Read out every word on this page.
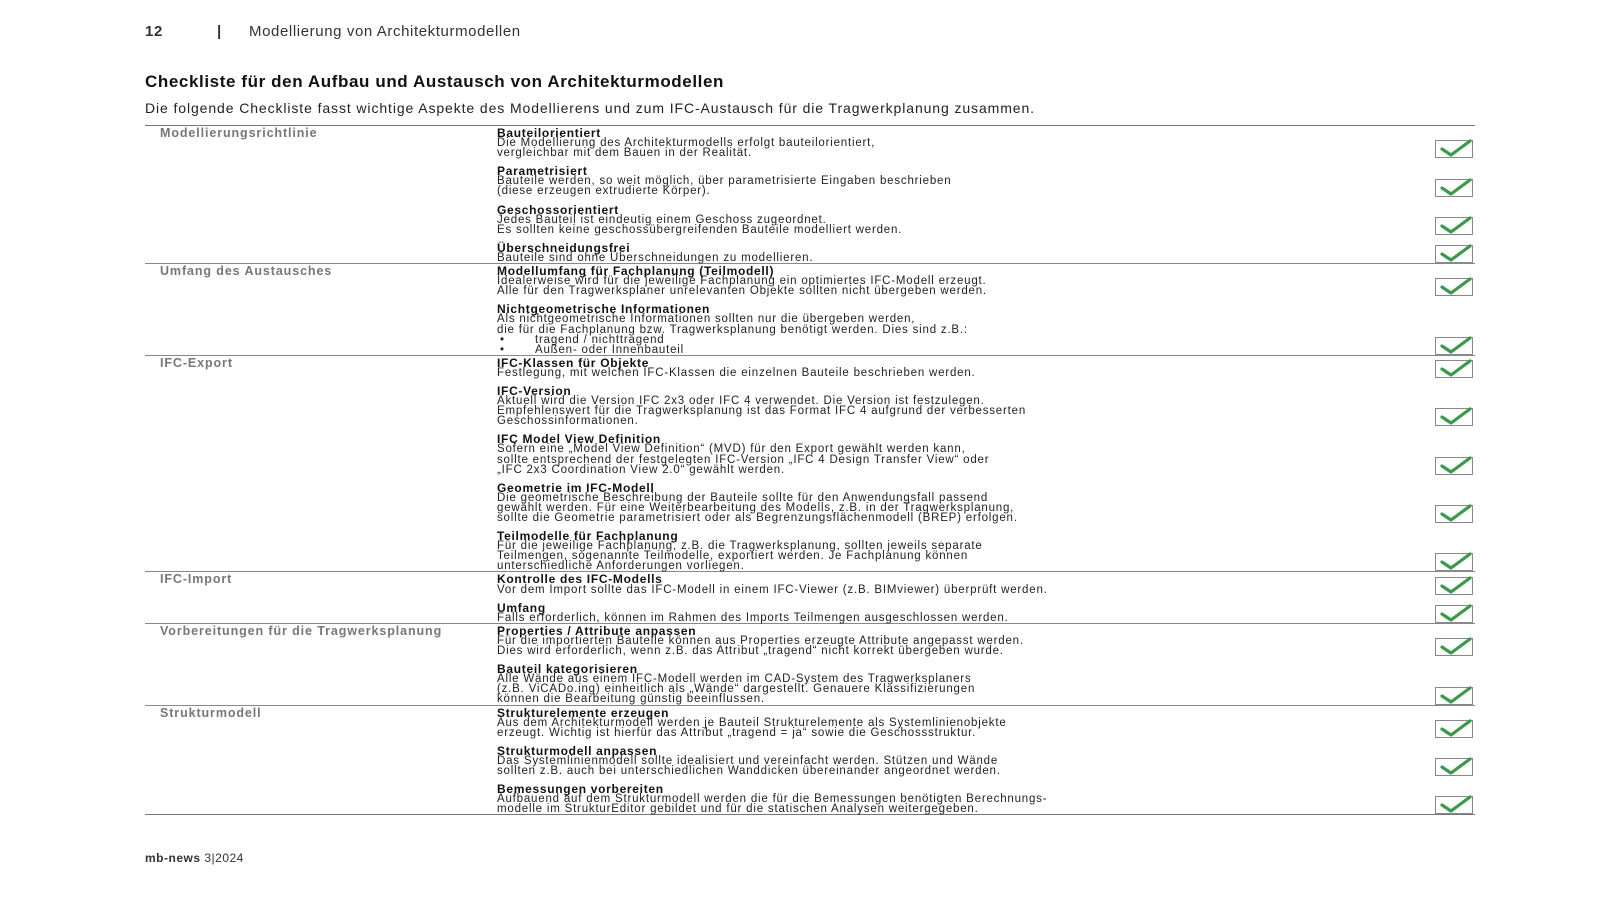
12	|	Modellierung von Architekturmodellen
Checkliste für den Aufbau und Austausch von Architekturmodellen

Die folgende Checkliste fasst wichtige Aspekte des Modellierens und zum IFC-Austausch für die Tragwerkplanung zusammen.

Modellierungsrichtlinie	Bauteilorientiert
Die Modellierung des Architekturmodells erfolgt bauteilorientiert,
vergleichbar mit dem Bauen in der Realität.
Parametrisiert
Bauteile werden, so weit möglich, über parametrisierte Eingaben beschrieben
(diese erzeugen extrudierte Körper).
Geschossorientiert
Jedes Bauteil ist eindeutig einem Geschoss zugeordnet.
Es sollten keine geschossübergreifenden Bauteile modelliert werden.
Überschneidungsfrei
Bauteile sind ohne Überschneidungen zu modellieren.
Umfang des Austausches	Modellumfang für Fachplanung (Teilmodell)
Idealerweise wird für die jeweilige Fachplanung ein optimiertes IFC-Modell erzeugt.
Alle für den Tragwerksplaner unrelevanten Objekte sollten nicht übergeben werden.
Nichtgeometrische Informationen
Als nichtgeometrische Informationen sollten nur die übergeben werden,
die für die Fachplanung bzw. Tragwerksplanung benötigt werden. Dies sind z.B.:
•	tragend / nichttragend
•	Außen- oder Innenbauteil
IFC-Export	IFC-Klassen für Objekte
Festlegung, mit welchen IFC-Klassen die einzelnen Bauteile beschrieben werden.
IFC-Version
Aktuell wird die Version IFC 2x3 oder IFC 4 verwendet. Die Version ist festzulegen.
Empfehlenswert für die Tragwerksplanung ist das Format IFC 4 aufgrund der verbesserten
Geschossinformationen.
IFC Model View Definition
Sofern eine „Model View Definition“ (MVD) für den Export gewählt werden kann,
sollte entsprechend der festgelegten IFC-Version „IFC 4 Design Transfer View“ oder
„IFC 2x3 Coordination View 2.0“ gewählt werden.
Geometrie im IFC-Modell
Die geometrische Beschreibung der Bauteile sollte für den Anwendungsfall passend
gewählt werden. Für eine Weiterbearbeitung des Modells, z.B. in der Tragwerksplanung,
sollte die Geometrie parametrisiert oder als Begrenzungsflächenmodell (BREP) erfolgen.
Teilmodelle für Fachplanung
Für die jeweilige Fachplanung, z.B. die Tragwerksplanung, sollten jeweils separate
Teilmengen, sogenannte Teilmodelle, exportiert werden. Je Fachplanung können
unterschiedliche Anforderungen vorliegen.
IFC-Import	Kontrolle des IFC-Modells
Vor dem Import sollte das IFC-Modell in einem IFC-Viewer (z.B. BIMviewer) überprüft werden.
Umfang
Falls erforderlich, können im Rahmen des Imports Teilmengen ausgeschlossen werden.
Vorbereitungen für die Tragwerksplanung	Properties / Attribute anpassen
Für die importierten Bauteile können aus Properties erzeugte Attribute angepasst werden.
Dies wird erforderlich, wenn z.B. das Attribut „tragend“ nicht korrekt übergeben wurde.
Bauteil kategorisieren
Alle Wände aus einem IFC-Modell werden im CAD-System des Tragwerksplaners
(z.B. ViCADo.ing) einheitlich als „Wände“ dargestellt. Genauere Klassifizierungen
können die Bearbeitung günstig beeinflussen.
Strukturmodell	Strukturelemente erzeugen
Aus dem Architekturmodell werden je Bauteil Strukturelemente als Systemlinienobjekte
erzeugt. Wichtig ist hierfür das Attribut „tragend = ja“ sowie die Geschossstruktur.
Strukturmodell anpassen
Das Systemlinienmodell sollte idealisiert und vereinfacht werden. Stützen und Wände
sollten z.B. auch bei unterschiedlichen Wanddicken übereinander angeordnet werden.
Bemessungen vorbereiten
Aufbauend auf dem Strukturmodell werden die für die Bemessungen benötigten Berechnungs-
modelle im StrukturEditor gebildet und für die statischen Analysen weitergegeben.
mb-news 3|2024
